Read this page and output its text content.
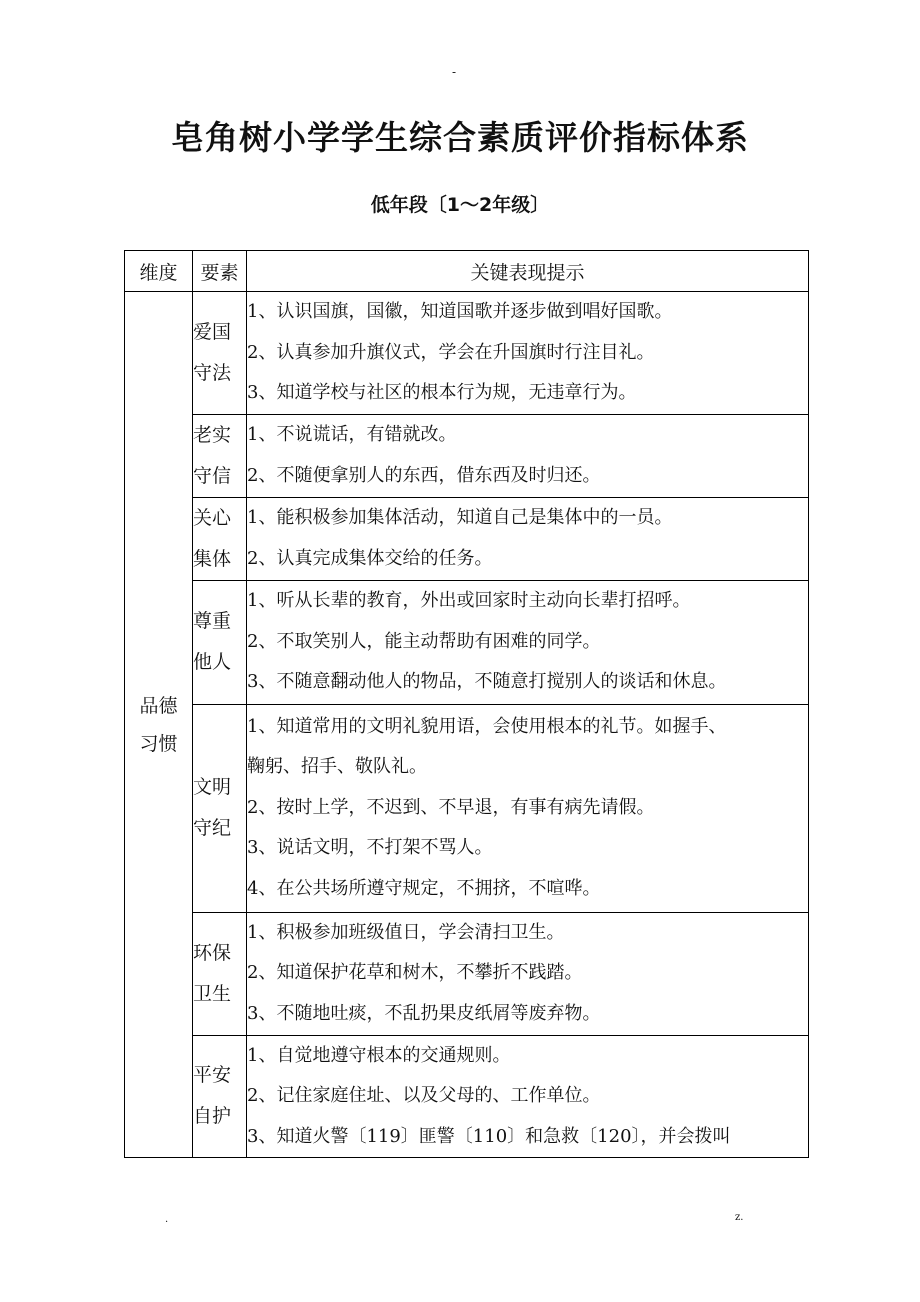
-
皂角树小学学生综合素质评价指标体系
低年段〔1～2年级〕
维度	要素	关键表现提示
品德习惯	爱国守法	1、认识国旗，国徽，知道国歌并逐步做到唱好国歌。
2、认真参加升旗仪式，学会在升国旗时行注目礼。
3、知道学校与社区的根本行为规，无违章行为。

	老实守信	1、不说谎话，有错就改。
2、不随便拿别人的东西，借东西及时归还。

	关心集体	1、能积极参加集体活动，知道自己是集体中的一员。
2、认真完成集体交给的任务。

	尊重他人	1、听从长辈的教育，外出或回家时主动向长辈打招呼。
2、不取笑别人，能主动帮助有困难的同学。
3、不随意翻动他人的物品，不随意打搅别人的谈话和休息。

	文明守纪	1、知道常用的文明礼貌用语，会使用根本的礼节。如握手、
鞠躬、招手、敬队礼。
2、按时上学，不迟到、不早退，有事有病先请假。
3、说话文明，不打架不骂人。
4、在公共场所遵守规定，不拥挤，不喧哗。

	环保卫生	1、积极参加班级值日，学会清扫卫生。
2、知道保护花草和树木，不攀折不践踏。
3、不随地吐痰，不乱扔果皮纸屑等废弃物。

	平安自护	1、自觉地遵守根本的交通规则。
2、记住家庭住址、以及父母的、工作单位。
3、知道火警〔119〕匪警〔110〕和急救〔120〕，并会拨叫
.	z.
